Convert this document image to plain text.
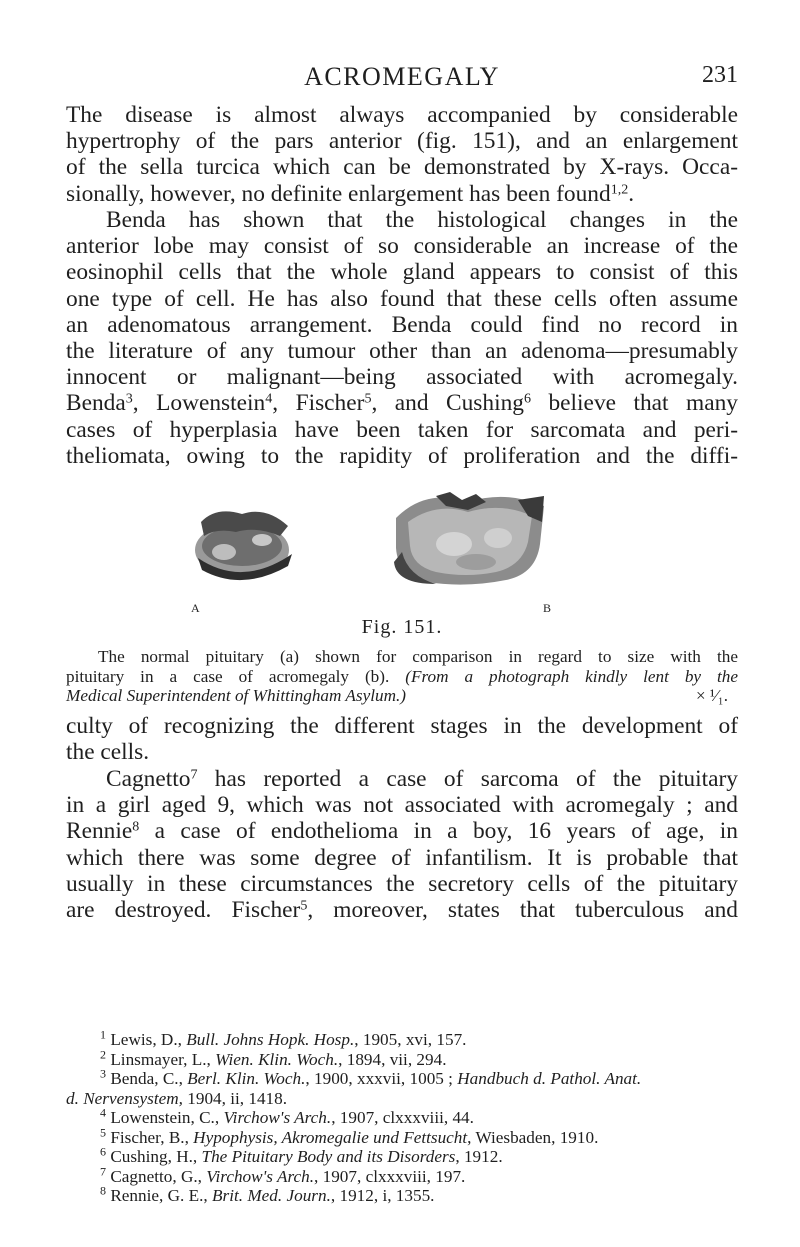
ACROMEGALY	231
The disease is almost always accompanied by considerable
hypertrophy of the pars anterior (fig. 151), and an enlargement
of the sella turcica which can be demonstrated by X-rays. Occa-
sionally, however, no definite enlargement has been found$^{1,2}$.
Benda has shown that the histological changes in the
anterior lobe may consist of so considerable an increase of the
eosinophil cells that the whole gland appears to consist of this
one type of cell. He has also found that these cells often assume
an adenomatous arrangement. Benda could find no record in
the literature of any tumour other than an adenoma—presumably
innocent or malignant—being associated with acromegaly.
Benda$^3$, Lowenstein$^4$, Fischer$^5$, and Cushing$^6$ believe that many
cases of hyperplasia have been taken for sarcomata and peri-
theliomata, owing to the rapidity of proliferation and the diffi-
A	B
Fig. 151.
The normal pituitary (a) shown for comparison in regard to size with the
pituitary in a case of acromegaly (b). (From a photograph kindly lent by the
Medical Superintendent of Whittingham Asylum.)	× ¹⁄₁.
culty of recognizing the different stages in the development of
the cells.
Cagnetto$^7$ has reported a case of sarcoma of the pituitary
in a girl aged 9, which was not associated with acromegaly ; and
Rennie$^8$ a case of endothelioma in a boy, 16 years of age, in
which there was some degree of infantilism. It is probable that
usually in these circumstances the secretory cells of the pituitary
are destroyed. Fischer$^5$, moreover, states that tuberculous and
$^1$ Lewis, D., Bull. Johns Hopk. Hosp., 1905, xvi, 157.
$^2$ Linsmayer, L., Wien. Klin. Woch., 1894, vii, 294.
$^3$ Benda, C., Berl. Klin. Woch., 1900, xxxvii, 1005 ; Handbuch d. Pathol. Anat.
d. Nervensystem, 1904, ii, 1418.
$^4$ Lowenstein, C., Virchow's Arch., 1907, clxxxviii, 44.
$^5$ Fischer, B., Hypophysis, Akromegalie und Fettsucht, Wiesbaden, 1910.
$^6$ Cushing, H., The Pituitary Body and its Disorders, 1912.
$^7$ Cagnetto, G., Virchow's Arch., 1907, clxxxviii, 197.
$^8$ Rennie, G. E., Brit. Med. Journ., 1912, i, 1355.
